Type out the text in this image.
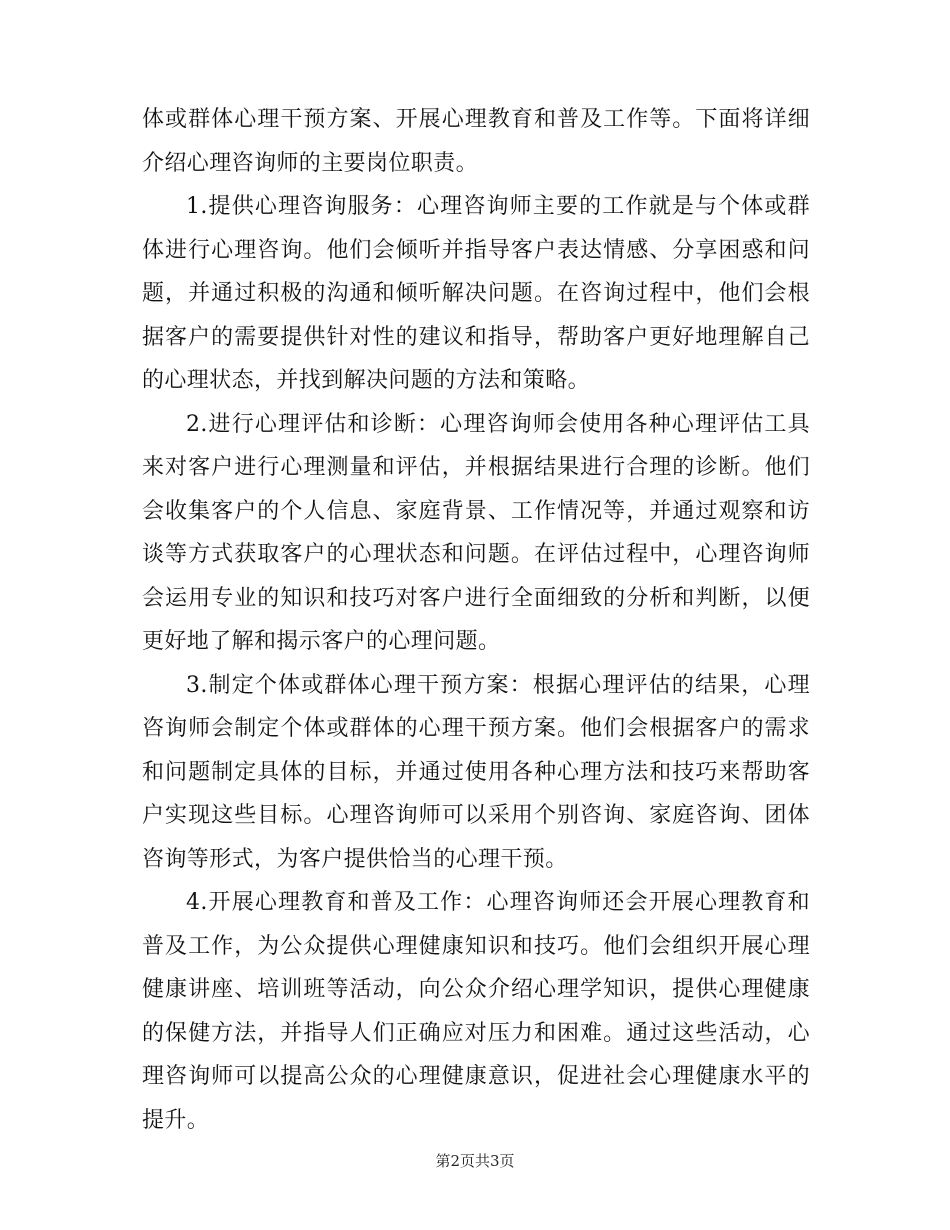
体或群体心理干预方案、开展心理教育和普及工作等。下面将详细介绍心理咨询师的主要岗位职责。

1.提供心理咨询服务：心理咨询师主要的工作就是与个体或群体进行心理咨询。他们会倾听并指导客户表达情感、分享困惑和问题，并通过积极的沟通和倾听解决问题。在咨询过程中，他们会根据客户的需要提供针对性的建议和指导，帮助客户更好地理解自己的心理状态，并找到解决问题的方法和策略。

2.进行心理评估和诊断：心理咨询师会使用各种心理评估工具来对客户进行心理测量和评估，并根据结果进行合理的诊断。他们会收集客户的个人信息、家庭背景、工作情况等，并通过观察和访谈等方式获取客户的心理状态和问题。在评估过程中，心理咨询师会运用专业的知识和技巧对客户进行全面细致的分析和判断，以便更好地了解和揭示客户的心理问题。

3.制定个体或群体心理干预方案：根据心理评估的结果，心理咨询师会制定个体或群体的心理干预方案。他们会根据客户的需求和问题制定具体的目标，并通过使用各种心理方法和技巧来帮助客户实现这些目标。心理咨询师可以采用个别咨询、家庭咨询、团体咨询等形式，为客户提供恰当的心理干预。

4.开展心理教育和普及工作：心理咨询师还会开展心理教育和普及工作，为公众提供心理健康知识和技巧。他们会组织开展心理健康讲座、培训班等活动，向公众介绍心理学知识，提供心理健康的保健方法，并指导人们正确应对压力和困难。通过这些活动，心理咨询师可以提高公众的心理健康意识，促进社会心理健康水平的提升。

第2页共3页
